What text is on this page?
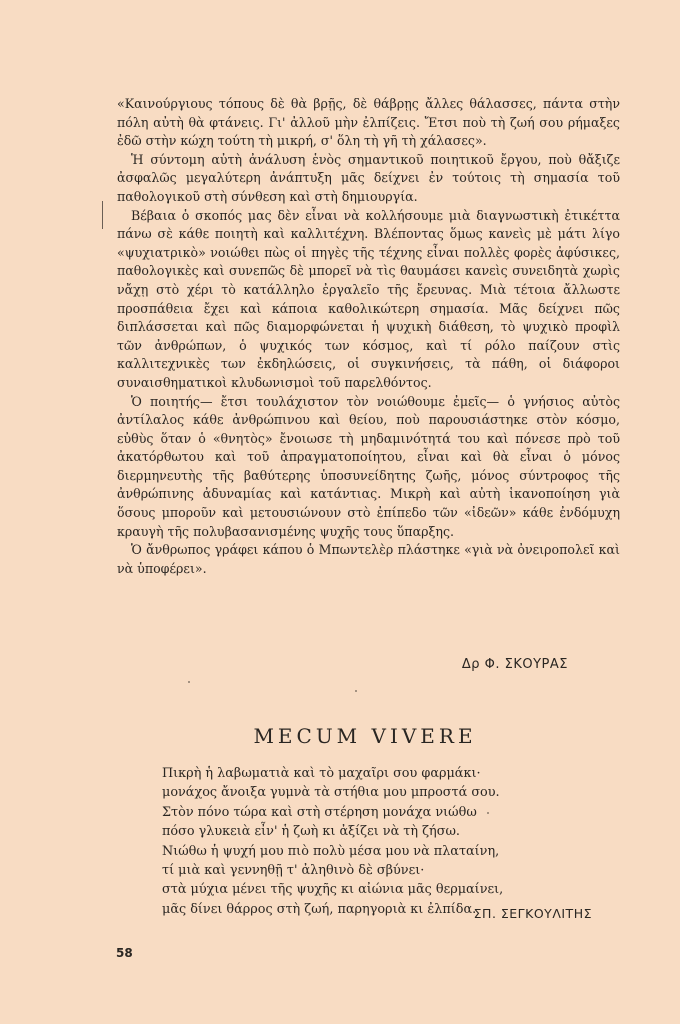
«Καινούργιους τόπους δὲ θὰ βρῇς, δὲ θάβρῃς ἄλλες θάλασσες, πάντα στὴν πόλη αὐτὴ θὰ φτάνεις. Γι' ἀλλοῦ μὴν ἐλπίζεις. Ἔτσι ποὺ τὴ ζωή σου ρήμαξες ἐδῶ στὴν κώχη τούτη τὴ μικρή, σ' ὅλη τὴ γῆ τὴ χάλασες».

Ἡ σύντομη αὐτὴ ἀνάλυση ἑνὸς σημαντικοῦ ποιητικοῦ ἔργου, ποὺ θἄξιζε ἀσφαλῶς μεγαλύτερη ἀνάπτυξη μᾶς δείχνει ἐν τούτοις τὴ σημασία τοῦ παθολογικοῦ στὴ σύνθεση καὶ στὴ δημιουργία.

Βέβαια ὁ σκοπός μας δὲν εἶναι νὰ κολλήσουμε μιὰ διαγνωστικὴ ἐτικέττα πάνω σὲ κάθε ποιητὴ καὶ καλλιτέχνη. Βλέποντας ὅμως κανεὶς μὲ μάτι λίγο «ψυχιατρικὸ» νοιώθει πὼς οἱ πηγὲς τῆς τέχνης εἶναι πολλὲς φορὲς ἀφύσικες, παθολογικὲς καὶ συνεπῶς δὲ μπορεῖ νὰ τὶς θαυμάσει κανεὶς συνειδητὰ χωρὶς νἄχῃ στὸ χέρι τὸ κατάλληλο ἐργαλεῖο τῆς ἔρευνας. Μιὰ τέτοια ἄλλωστε προσπάθεια ἔχει καὶ κάποια καθολικώτερη σημασία. Μᾶς δείχνει πῶς διπλάσσεται καὶ πῶς διαμορφώνεται ἡ ψυχικὴ διάθεση, τὸ ψυχικὸ προφὶλ τῶν ἀνθρώπων, ὁ ψυχικός των κόσμος, καὶ τί ρόλο παίζουν στὶς καλλιτεχνικὲς των ἐκδηλώσεις, οἱ συγκινήσεις, τὰ πάθη, οἱ διάφοροι συναισθηματικοὶ κλυδωνισμοὶ τοῦ παρελθόντος.

Ὁ ποιητής— ἔτσι τουλάχιστον τὸν νοιώθουμε ἐμεῖς— ὁ γνήσιος αὐτὸς ἀντίλαλος κάθε ἀνθρώπινου καὶ θείου, ποὺ παρουσιάστηκε στὸν κόσμο, εὐθὺς ὅταν ὁ «θνητὸς» ἔνοιωσε τὴ μηδαμινότητά του καὶ πόνεσε πρὸ τοῦ ἀκατόρθωτου καὶ τοῦ ἀπραγματοποίητου, εἶναι καὶ θὰ εἶναι ὁ μόνος διερμηνευτὴς τῆς βαθύτερης ὑποσυνείδητης ζωῆς, μόνος σύντροφος τῆς ἀνθρώπινης ἀδυναμίας καὶ κατάντιας. Μικρὴ καὶ αὐτὴ ἱκανοποίηση γιὰ ὅσους μποροῦν καὶ μετουσιώνουν στὸ ἐπίπεδο τῶν «ἰδεῶν» κάθε ἐνδόμυχη κραυγὴ τῆς πολυβασανισμένης ψυχῆς τους ὕπαρξης.

Ὁ ἄνθρωπος γράφει κάπου ὁ Μπωντελὲρ πλάστηκε «γιὰ νὰ ὀνειροπολεῖ καὶ νὰ ὑποφέρει».

Δρ Φ. ΣΚΟΥΡΑΣ
MECUM VIVERE
Πικρὴ ἡ λαβωματιὰ καὶ τὸ μαχαῖρι σου φαρμάκι·
μονάχος ἄνοιξα γυμνὰ τὰ στήθια μου μπροστά σου.
Στὸν πόνο τώρα καὶ στὴ στέρηση μονάχα νιώθω
πόσο γλυκειὰ εἶν' ἡ ζωὴ κι ἀξίζει νὰ τὴ ζήσω.
Νιώθω ἡ ψυχή μου πιὸ πολὺ μέσα μου νὰ πλαταίνη,
τί μιὰ καὶ γεννηθῇ τ' ἀληθινὸ δὲ σβύνει·
στὰ μύχια μένει τῆς ψυχῆς κι αἰώνια μᾶς θερμαίνει,
μᾶς δίνει θάρρος στὴ ζωή, παρηγοριὰ κι ἐλπίδα.
ΣΠ. ΣΕΓΚΟΥΛΙΤΗΣ
58
